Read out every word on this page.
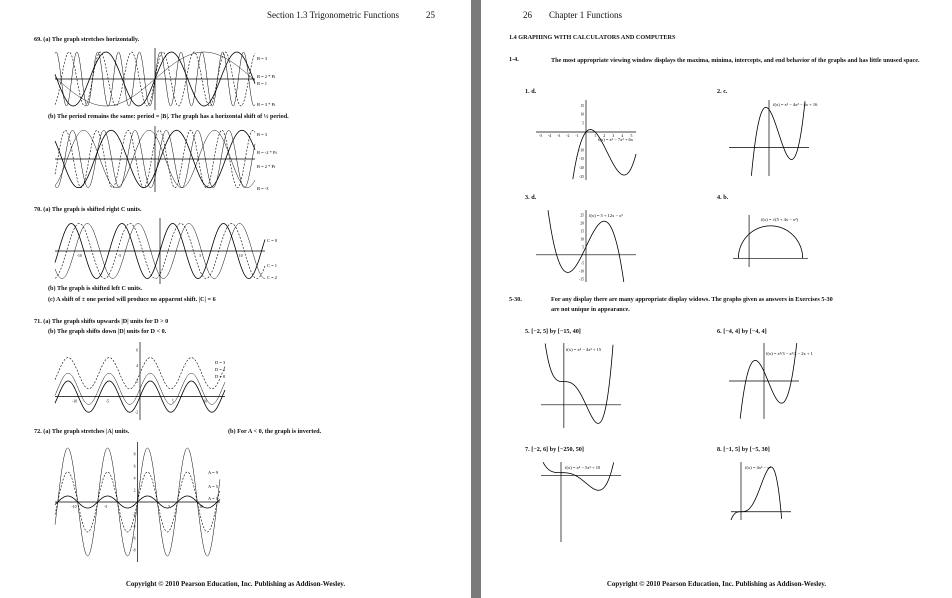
Section 1.3 Trigonometric Functions	25
69. (a) The graph stretches horizontally.
B = 3
B = 2 * Pi
B = 1
B = 3 * Pi
(b) The period remains the same: period = |B|. The graph has a horizontal shift of ½ period.
B = 3
B = -2 * Pi
B = 2 * Pi
B = -3
70. (a) The graph is shifted right C units.
-10	-5	5	10
C = 0
C = 1
C = 2
(b) The graph is shifted left C units.
(c) A shift of ± one period will produce no apparent shift. |C| = 6
71. (a) The graph shifts upwards |D| units for D > 0
(b) The graph shifts down |D| units for D < 0.
-10	-5	5	10
6
4
2
-2
D = 3
D = 1
D = 0
72. (a) The graph stretches |A| units.	(b) For A < 0, the graph is inverted.
-10	-5	5	10
8
6
4
2
-2
-4
-6
-8
A = 9
A = 5
A = 1
Copyright © 2010 Pearson Education, Inc. Publishing as Addison-Wesley.
26 Chapter 1 Functions
1.4 GRAPHING WITH CALCULATORS AND COMPUTERS
1-4.	The most appropriate viewing window displays the maxima, minima, intercepts, and end behavior of the graphs and has little unused space.
1. d.	2. c.
-5 -4 -3 -2 -1	1 2 3 4 5
15
10
5
-10
-15
-20
-25
f(x) = x³ − 7x² + 6x
f(x) = x³ − 4x² − 4x + 16
3. d.	4. b.
25
20
15
10
5
-5
-10
-15
f(x) = 5 + 12x − x³
f(x) = √(5 + 4x − x²)
5-30.	For any display there are many appropriate display widows. The graphs given as answers in Exercises 5-30
are not unique in appearance.
5. [−2, 5] by [−15, 40]	6. [−4, 4] by [−4, 4]
f(x) = x⁴ − 4x³ + 15
f(x) = x³/3 − x²/2 − 2x + 1
7. [−2, 6] by [−250, 50]	8. [−1, 5] by [−5, 30]
f(x) = x⁴ − 5x³ + 10	f(x) = 4x³ − x⁴
Copyright © 2010 Pearson Education, Inc. Publishing as Addison-Wesley.
